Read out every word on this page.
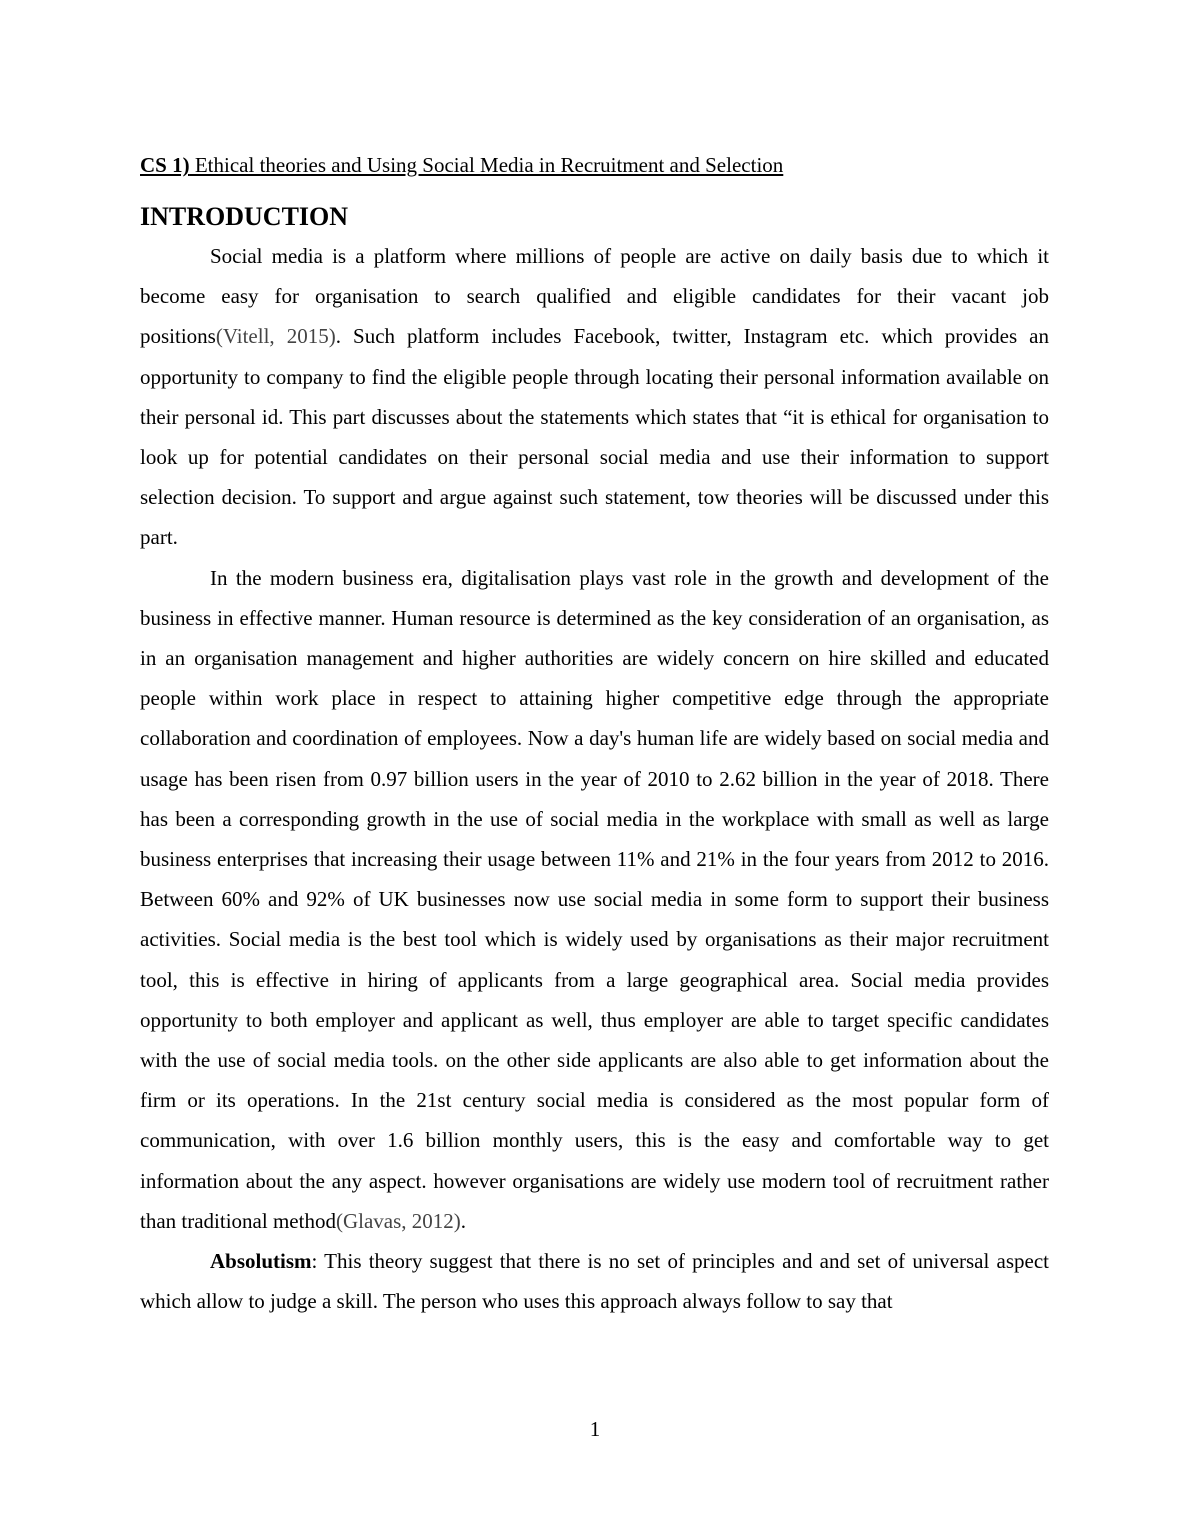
CS 1) Ethical theories and Using Social Media in Recruitment and Selection

INTRODUCTION

Social media is a platform where millions of people are active on daily basis due to which it become easy for organisation to search qualified and eligible candidates for their vacant job positions(Vitell, 2015). Such platform includes Facebook, twitter, Instagram etc. which provides an opportunity to company to find the eligible people through locating their personal information available on their personal id. This part discusses about the statements which states that “it is ethical for organisation to look up for potential candidates on their personal social media and use their information to support selection decision. To support and argue against such statement, tow theories will be discussed under this part.

In the modern business era, digitalisation plays vast role in the growth and development of the business in effective manner. Human resource is determined as the key consideration of an organisation, as in an organisation management and higher authorities are widely concern on hire skilled and educated people within work place in respect to attaining higher competitive edge through the appropriate collaboration and coordination of employees. Now a day's human life are widely based on social media and usage has been risen from 0.97 billion users in the year of 2010 to 2.62 billion in the year of 2018. There has been a corresponding growth in the use of social media in the workplace with small as well as large business enterprises that increasing their usage between 11% and 21% in the four years from 2012 to 2016. Between 60% and 92% of UK businesses now use social media in some form to support their business activities. Social media is the best tool which is widely used by organisations as their major recruitment tool, this is effective in hiring of applicants from a large geographical area. Social media provides opportunity to both employer and applicant as well, thus employer are able to target specific candidates with the use of social media tools. on the other side applicants are also able to get information about the firm or its operations. In the 21st century social media is considered as the most popular form of communication, with over 1.6 billion monthly users, this is the easy and comfortable way to get information about the any aspect. however organisations are widely use modern tool of recruitment rather than traditional method(Glavas, 2012).

Absolutism: This theory suggest that there is no set of principles and and set of universal aspect which allow to judge a skill. The person who uses this approach always follow to say that

1
